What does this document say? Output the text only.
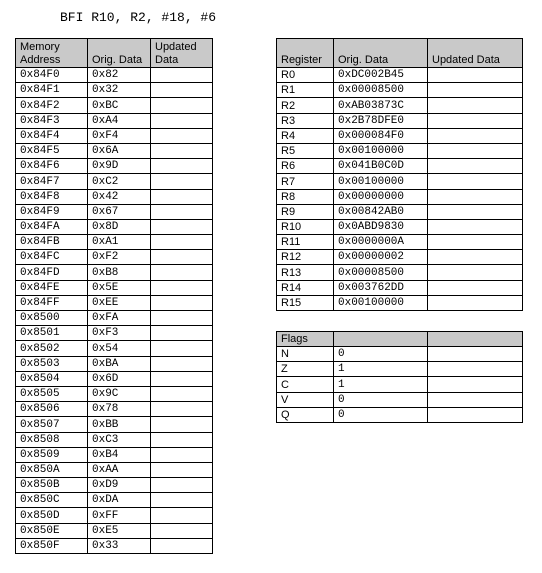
BFI R10, R2, #18, #6
Memory Address	Orig. Data	Updated Data
0x84F0	0x82	
0x84F1	0x32	
0x84F2	0xBC	
0x84F3	0xA4	
0x84F4	0xF4	
0x84F5	0x6A	
0x84F6	0x9D	
0x84F7	0xC2	
0x84F8	0x42	
0x84F9	0x67	
0x84FA	0x8D	
0x84FB	0xA1	
0x84FC	0xF2	
0x84FD	0xB8	
0x84FE	0x5E	
0x84FF	0xEE	
0x8500	0xFA	
0x8501	0xF3	
0x8502	0x54	
0x8503	0xBA	
0x8504	0x6D	
0x8505	0x9C	
0x8506	0x78	
0x8507	0xBB	
0x8508	0xC3	
0x8509	0xB4	
0x850A	0xAA	
0x850B	0xD9	
0x850C	0xDA	
0x850D	0xFF	
0x850E	0xE5	
0x850F	0x33	
Register	Orig. Data	Updated Data
R0	0xDC002B45	
R1	0x00008500	
R2	0xAB03873C	
R3	0x2B78DFE0	
R4	0x000084F0	
R5	0x00100000	
R6	0x041B0C0D	
R7	0x00100000	
R8	0x00000000	
R9	0x00842AB0	
R10	0x0ABD9830	
R11	0x0000000A	
R12	0x00000002	
R13	0x00008500	
R14	0x003762DD	
R15	0x00100000	
Flags		
N	0	
Z	1	
C	1	
V	0	
Q	0	
